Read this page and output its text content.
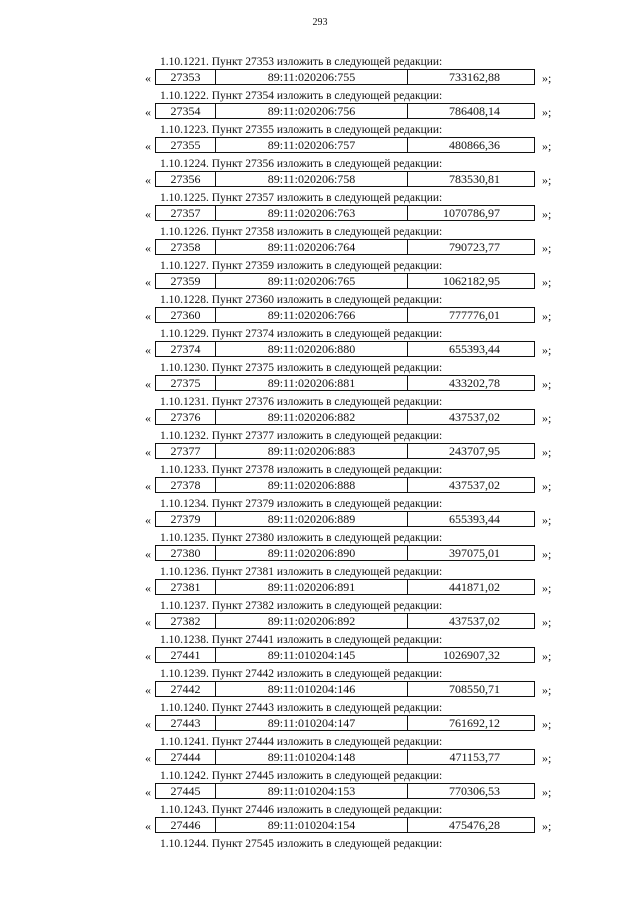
293
1.10.1221. Пункт 27353 изложить в следующей редакции:
«	27353	89:11:020206:755	733162,88	»;
1.10.1222. Пункт 27354 изложить в следующей редакции:
«	27354	89:11:020206:756	786408,14	»;
1.10.1223. Пункт 27355 изложить в следующей редакции:
«	27355	89:11:020206:757	480866,36	»;
1.10.1224. Пункт 27356 изложить в следующей редакции:
«	27356	89:11:020206:758	783530,81	»;
1.10.1225. Пункт 27357 изложить в следующей редакции:
«	27357	89:11:020206:763	1070786,97	»;
1.10.1226. Пункт 27358 изложить в следующей редакции:
«	27358	89:11:020206:764	790723,77	»;
1.10.1227. Пункт 27359 изложить в следующей редакции:
«	27359	89:11:020206:765	1062182,95	»;
1.10.1228. Пункт 27360 изложить в следующей редакции:
«	27360	89:11:020206:766	777776,01	»;
1.10.1229. Пункт 27374 изложить в следующей редакции:
«	27374	89:11:020206:880	655393,44	»;
1.10.1230. Пункт 27375 изложить в следующей редакции:
«	27375	89:11:020206:881	433202,78	»;
1.10.1231. Пункт 27376 изложить в следующей редакции:
«	27376	89:11:020206:882	437537,02	»;
1.10.1232. Пункт 27377 изложить в следующей редакции:
«	27377	89:11:020206:883	243707,95	»;
1.10.1233. Пункт 27378 изложить в следующей редакции:
«	27378	89:11:020206:888	437537,02	»;
1.10.1234. Пункт 27379 изложить в следующей редакции:
«	27379	89:11:020206:889	655393,44	»;
1.10.1235. Пункт 27380 изложить в следующей редакции:
«	27380	89:11:020206:890	397075,01	»;
1.10.1236. Пункт 27381 изложить в следующей редакции:
«	27381	89:11:020206:891	441871,02	»;
1.10.1237. Пункт 27382 изложить в следующей редакции:
«	27382	89:11:020206:892	437537,02	»;
1.10.1238. Пункт 27441 изложить в следующей редакции:
«	27441	89:11:010204:145	1026907,32	»;
1.10.1239. Пункт 27442 изложить в следующей редакции:
«	27442	89:11:010204:146	708550,71	»;
1.10.1240. Пункт 27443 изложить в следующей редакции:
«	27443	89:11:010204:147	761692,12	»;
1.10.1241. Пункт 27444 изложить в следующей редакции:
«	27444	89:11:010204:148	471153,77	»;
1.10.1242. Пункт 27445 изложить в следующей редакции:
«	27445	89:11:010204:153	770306,53	»;
1.10.1243. Пункт 27446 изложить в следующей редакции:
«	27446	89:11:010204:154	475476,28	»;
1.10.1244. Пункт 27545 изложить в следующей редакции:
